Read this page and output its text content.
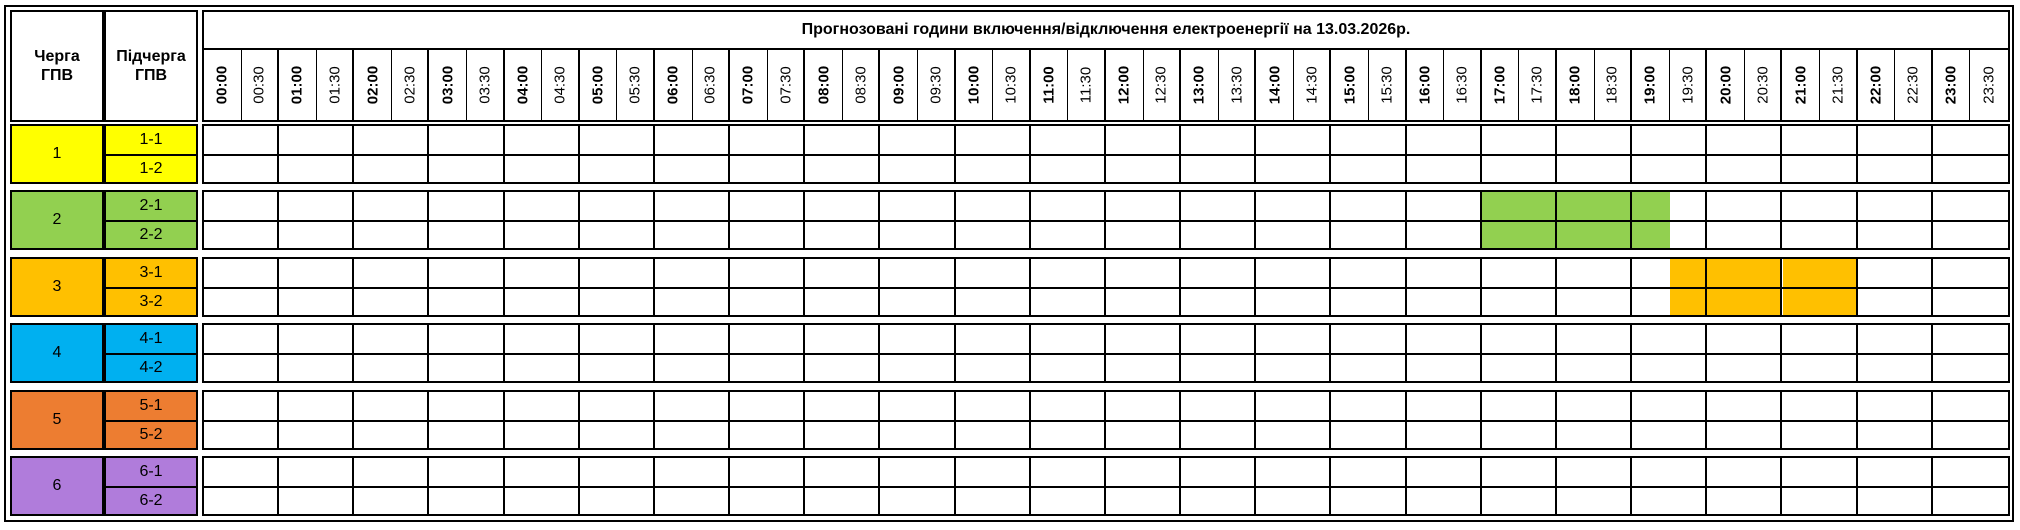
Черга ГПВ
Підчерга ГПВ
Прогнозовані години включення/відключення електроенергії на 13.03.2026р.
00:00 00:30 01:00 01:30 02:00 02:30 03:00 03:30 04:00 04:30 05:00 05:30 06:00 06:30 07:00 07:30 08:00 08:30 09:00 09:30 10:00 10:30 11:00 11:30 12:00 12:30 13:00 13:30 14:00 14:30 15:00 15:30 16:00 16:30 17:00 17:30 18:00 18:30 19:00 19:30 20:00 20:30 21:00 21:30 22:00 22:30 23:00 23:30
1
1-1
1-2
2
2-1
2-2
3
3-1
3-2
4
4-1
4-2
5
5-1
5-2
6
6-1
6-2
